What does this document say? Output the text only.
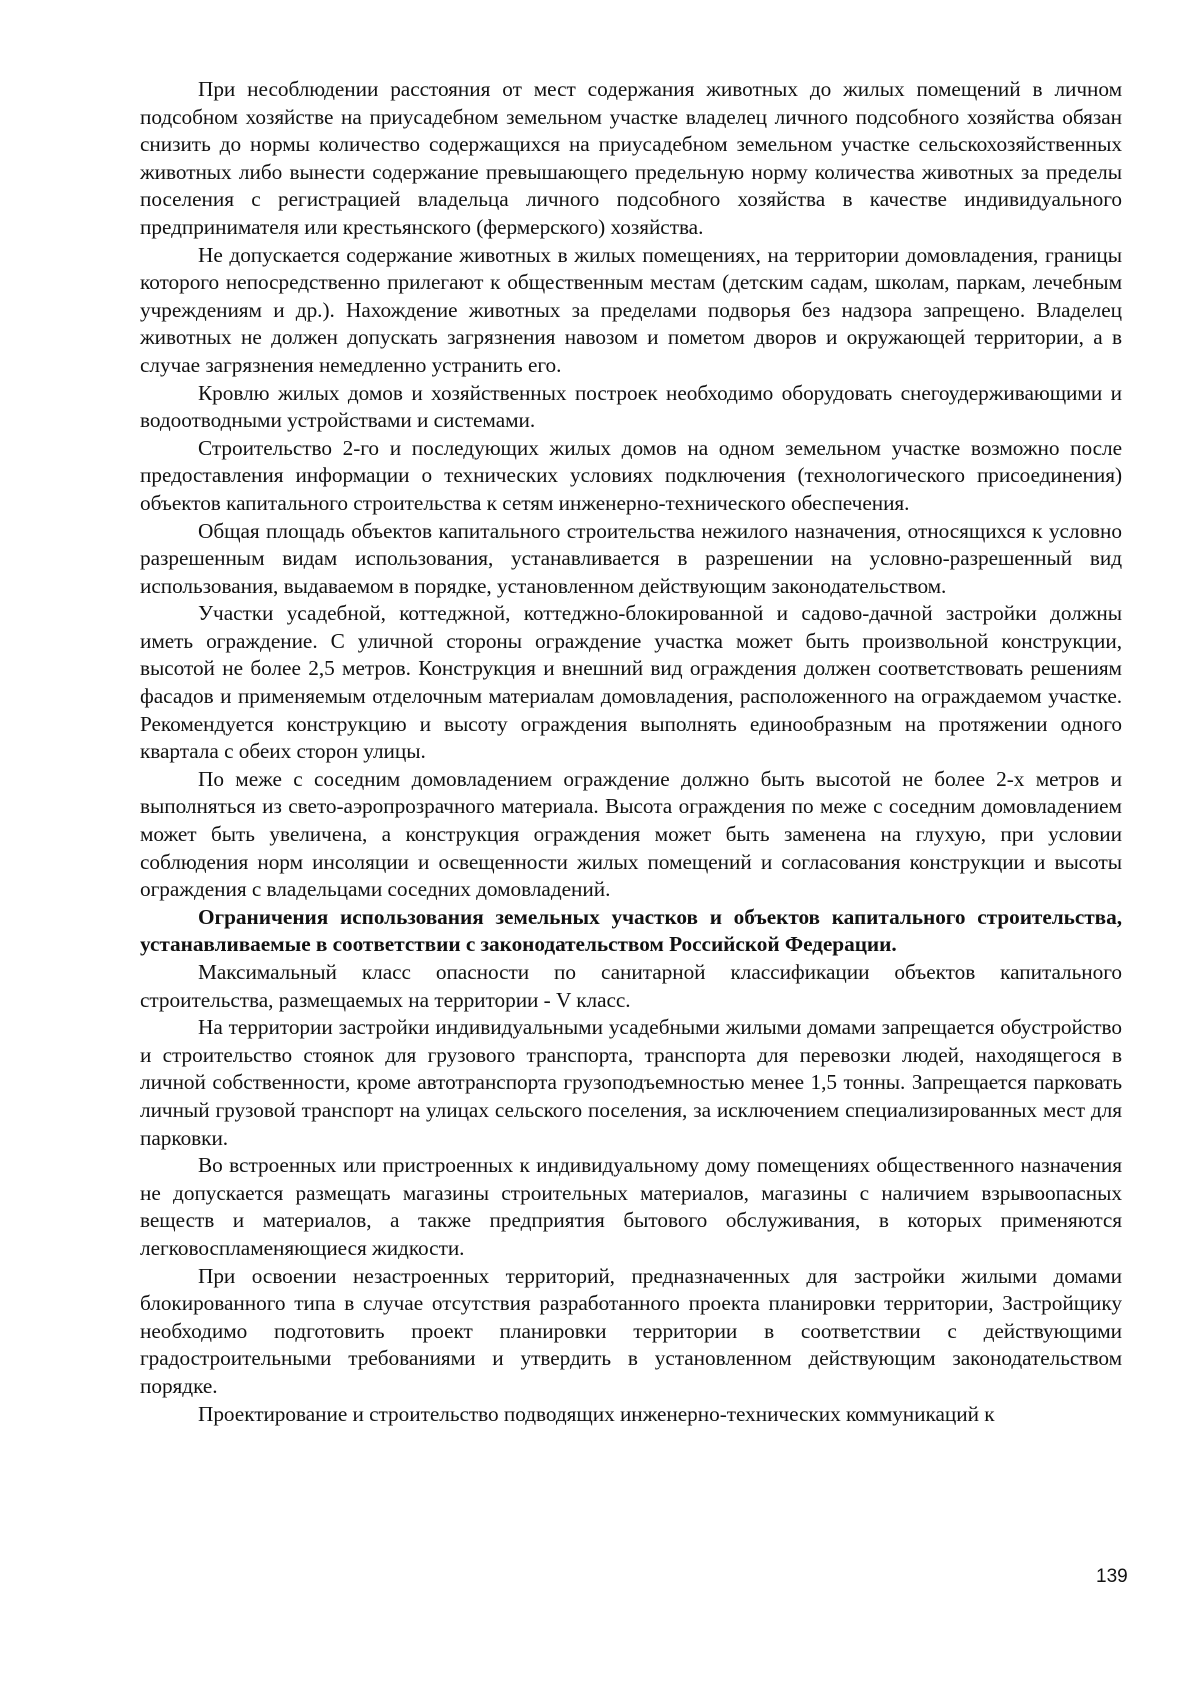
При несоблюдении расстояния от мест содержания животных до жилых помещений в личном подсобном хозяйстве на приусадебном земельном участке владелец личного подсобного хозяйства обязан снизить до нормы количество содержащихся на приусадебном земельном участке сельскохозяйственных животных либо вынести содержание превышающего предельную норму количества животных за пределы поселения с регистрацией владельца личного подсобного хозяйства в качестве индивидуального предпринимателя или крестьянского (фермерского) хозяйства.

Не допускается содержание животных в жилых помещениях, на территории домовладения, границы которого непосредственно прилегают к общественным местам (детским садам, школам, паркам, лечебным учреждениям и др.). Нахождение животных за пределами подворья без надзора запрещено. Владелец животных не должен допускать загрязнения навозом и пометом дворов и окружающей территории, а в случае загрязнения немедленно устранить его.

Кровлю жилых домов и хозяйственных построек необходимо оборудовать снегоудерживающими и водоотводными устройствами и системами.

Строительство 2-го и последующих жилых домов на одном земельном участке возможно после предоставления информации о технических условиях подключения (технологического присоединения) объектов капитального строительства к сетям инженерно-технического обеспечения.

Общая площадь объектов капитального строительства нежилого назначения, относящихся к условно разрешенным видам использования, устанавливается в разрешении на условно-разрешенный вид использования, выдаваемом в порядке, установленном действующим законодательством.

Участки усадебной, коттеджной, коттеджно-блокированной и садово-дачной застройки должны иметь ограждение. С уличной стороны ограждение участка может быть произвольной конструкции, высотой не более 2,5 метров. Конструкция и внешний вид ограждения должен соответствовать решениям фасадов и применяемым отделочным материалам домовладения, расположенного на ограждаемом участке. Рекомендуется конструкцию и высоту ограждения выполнять единообразным на протяжении одного квартала с обеих сторон улицы.

По меже с соседним домовладением ограждение должно быть высотой не более 2-х метров и выполняться из свето-аэропрозрачного материала. Высота ограждения по меже с соседним домовладением может быть увеличена, а конструкция ограждения может быть заменена на глухую, при условии соблюдения норм инсоляции и освещенности жилых помещений и согласования конструкции и высоты ограждения с владельцами соседних домовладений.

Ограничения использования земельных участков и объектов капитального строительства, устанавливаемые в соответствии с законодательством Российской Федерации.

Максимальный класс опасности по санитарной классификации объектов капитального строительства, размещаемых на территории - V класс.

На территории застройки индивидуальными усадебными жилыми домами запрещается обустройство и строительство стоянок для грузового транспорта, транспорта для перевозки людей, находящегося в личной собственности, кроме автотранспорта грузоподъемностью менее 1,5 тонны. Запрещается парковать личный грузовой транспорт на улицах сельского поселения, за исключением специализированных мест для парковки.

Во встроенных или пристроенных к индивидуальному дому помещениях общественного назначения не допускается размещать магазины строительных материалов, магазины с наличием взрывоопасных веществ и материалов, а также предприятия бытового обслуживания, в которых применяются легковоспламеняющиеся жидкости.

При освоении незастроенных территорий, предназначенных для застройки жилыми домами блокированного типа в случае отсутствия разработанного проекта планировки территории, Застройщику необходимо подготовить проект планировки территории в соответствии с действующими градостроительными требованиями и утвердить в установленном действующим законодательством порядке.

Проектирование и строительство подводящих инженерно-технических коммуникаций к

139
